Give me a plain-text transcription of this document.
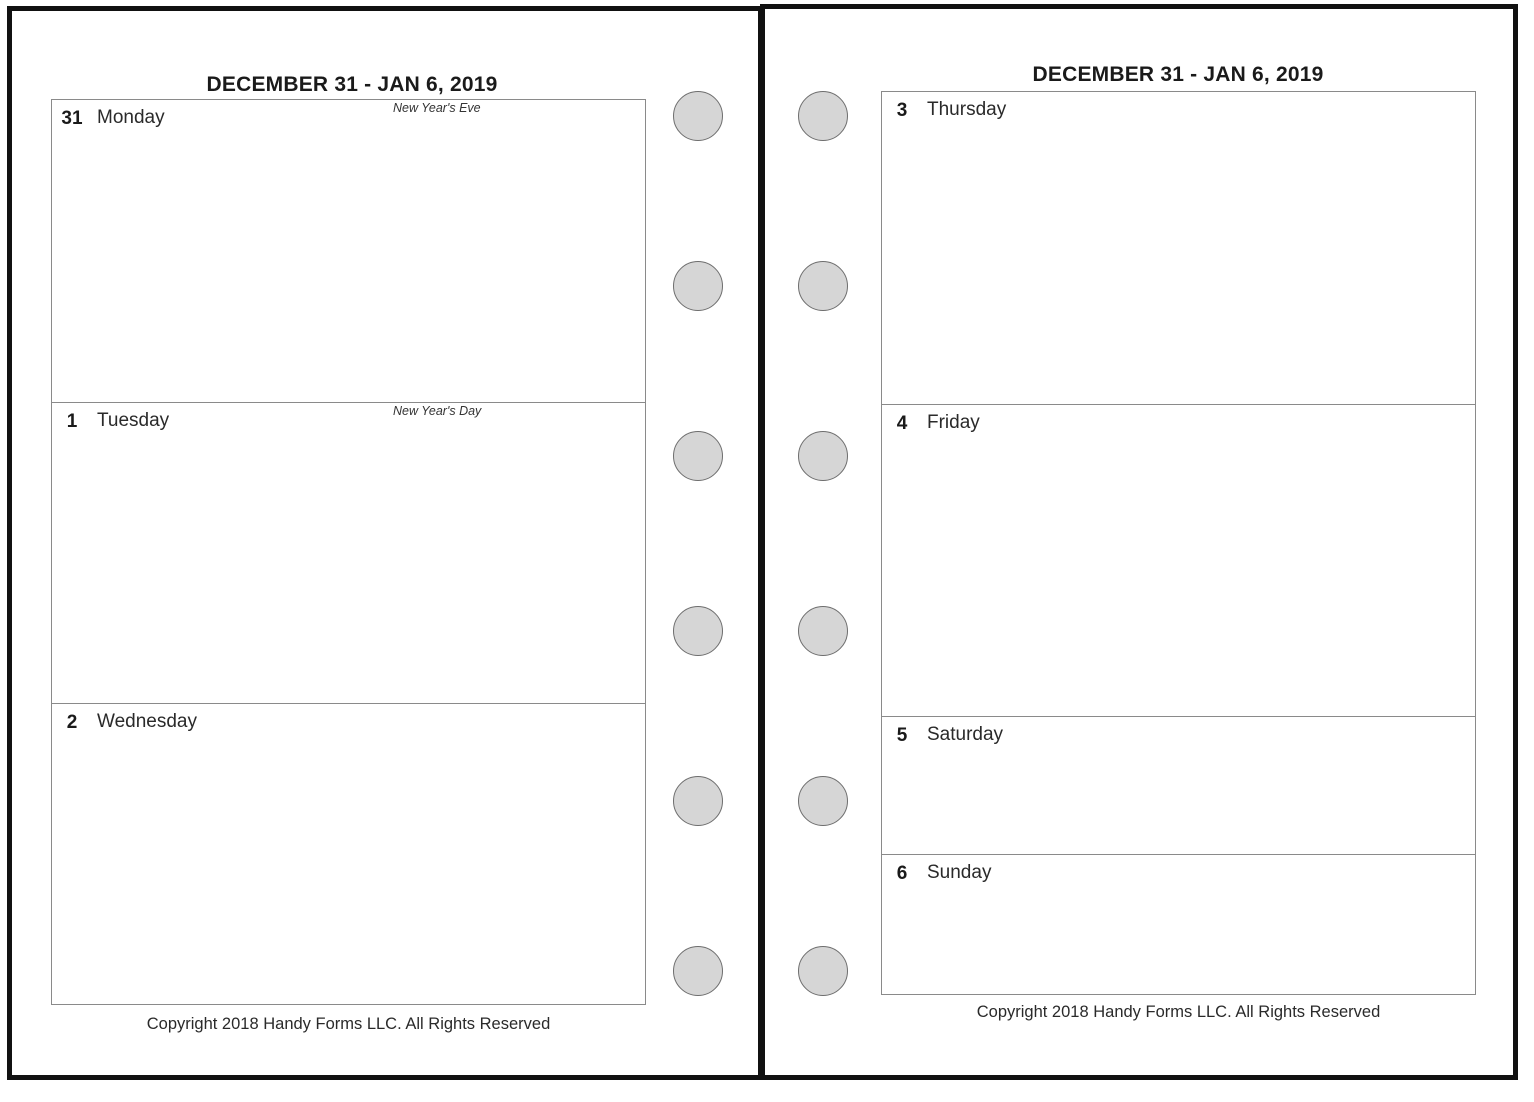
DECEMBER 31 - JAN 6, 2019
31 Monday	New Year's Eve
1	Tuesday	New Year's Day
2	Wednesday
Copyright 2018 Handy Forms LLC. All Rights Reserved
DECEMBER 31 - JAN 6, 2019
3	Thursday
4	Friday
5	Saturday
6	Sunday
Copyright 2018 Handy Forms LLC. All Rights Reserved
